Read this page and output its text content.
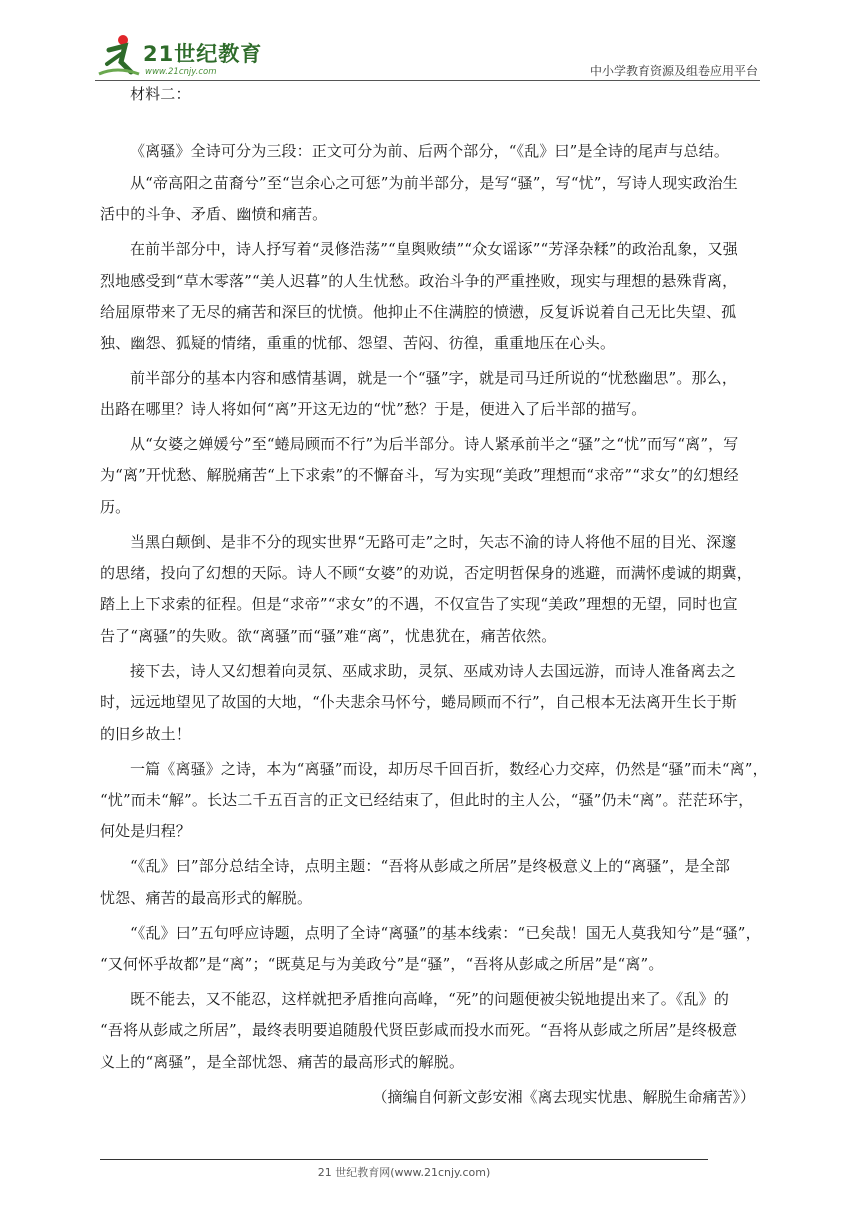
21世纪教育
www.21cnjy.com	中小学教育资源及组卷应用平台
材料二：
《离骚》全诗可分为三段：正文可分为前、后两个部分，“《乱》曰”是全诗的尾声与总结。
从“帝高阳之苗裔兮”至“岂余心之可惩”为前半部分，是写“骚”，写“忧”，写诗人现实政治生
活中的斗争、矛盾、幽愤和痛苦。
在前半部分中，诗人抒写着“灵修浩荡”“皇舆败绩”“众女谣诼”“芳泽杂糅”的政治乱象，又强
烈地感受到“草木零落”“美人迟暮”的人生忧愁。政治斗争的严重挫败，现实与理想的悬殊背离，
给屈原带来了无尽的痛苦和深巨的忧愤。他抑止不住满腔的愤懑，反复诉说着自己无比失望、孤
独、幽怨、狐疑的情绪，重重的忧郁、怨望、苦闷、彷徨，重重地压在心头。
前半部分的基本内容和感情基调，就是一个“骚”字，就是司马迁所说的“忧愁幽思”。那么，
出路在哪里？诗人将如何“离”开这无边的“忧”愁？于是，便进入了后半部的描写。
从“女婆之婵媛兮”至“蜷局顾而不行”为后半部分。诗人紧承前半之“骚”之“忧”而写“离”，写
为“离”开忧愁、解脱痛苦“上下求索”的不懈奋斗，写为实现“美政”理想而“求帝”“求女”的幻想经
历。
当黑白颠倒、是非不分的现实世界“无路可走”之时，矢志不渝的诗人将他不屈的目光、深邃
的思绪，投向了幻想的天际。诗人不顾“女婆”的劝说，否定明哲保身的逃避，而满怀虔诚的期冀，
踏上上下求索的征程。但是“求帝”“求女”的不遇，不仅宣告了实现“美政”理想的无望，同时也宣
告了“离骚”的失败。欲“离骚”而“骚”难“离”，忧患犹在，痛苦依然。
接下去，诗人又幻想着向灵氛、巫咸求助，灵氛、巫咸劝诗人去国远游，而诗人准备离去之
时，远远地望见了故国的大地，“仆夫悲余马怀兮，蜷局顾而不行”，自己根本无法离开生长于斯
的旧乡故土！
一篇《离骚》之诗，本为“离骚”而设，却历尽千回百折，数经心力交瘁，仍然是“骚”而未“离”，
“忧”而未“解”。长达二千五百言的正文已经结束了，但此时的主人公，“骚”仍未“离”。茫茫环宇，
何处是归程？
“《乱》曰”部分总结全诗，点明主题：“吾将从彭咸之所居”是终极意义上的“离骚”，是全部
忧怨、痛苦的最高形式的解脱。
“《乱》曰”五句呼应诗题，点明了全诗“离骚”的基本线索：“已矣哉！国无人莫我知兮”是“骚”，
“又何怀乎故都”是“离”；“既莫足与为美政兮”是“骚”，“吾将从彭咸之所居”是“离”。
既不能去，又不能忍，这样就把矛盾推向高峰，“死”的问题便被尖锐地提出来了。《乱》的
“吾将从彭咸之所居”，最终表明要追随殷代贤臣彭咸而投水而死。“吾将从彭咸之所居”是终极意
义上的“离骚”，是全部忧怨、痛苦的最高形式的解脱。
（摘编自何新文彭安湘《离去现实忧患、解脱生命痛苦》）
21 世纪教育网(www.21cnjy.com)
